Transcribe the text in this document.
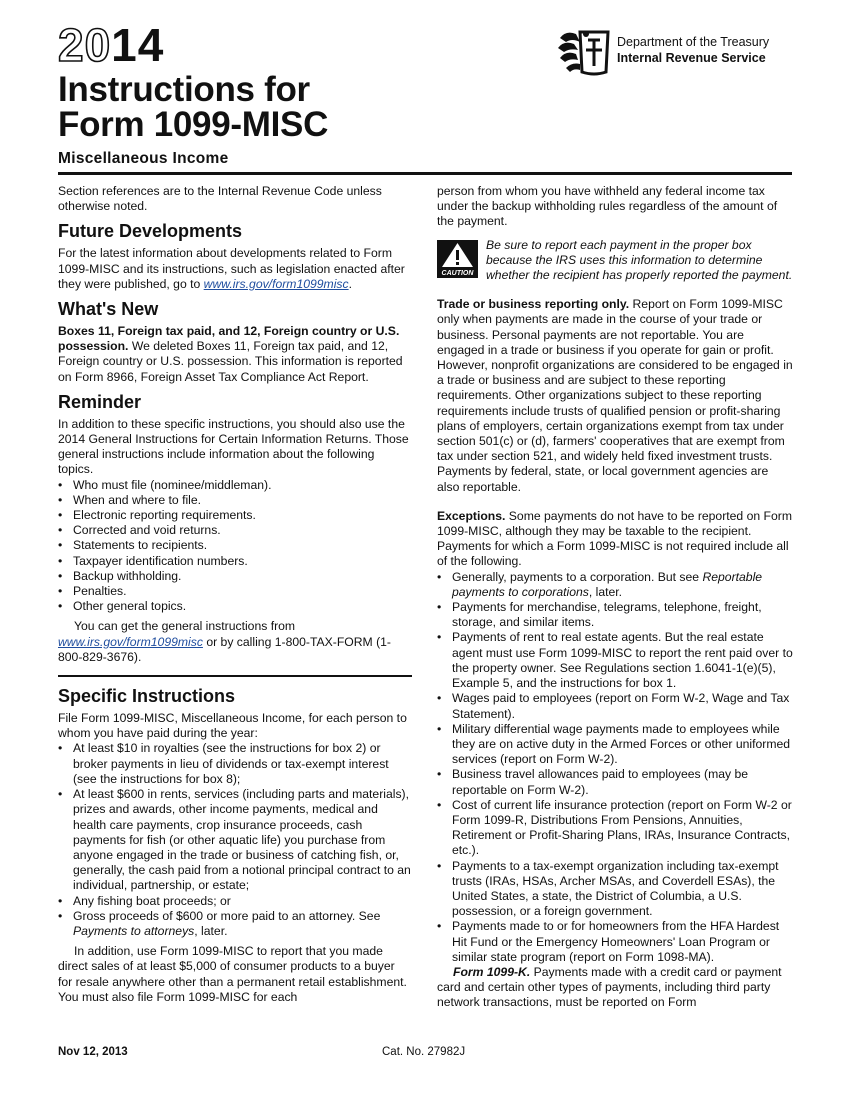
2014
Instructions for
Form 1099-MISC
Miscellaneous Income
Department of the Treasury
Internal Revenue Service

Section references are to the Internal Revenue Code unless otherwise noted.

Future Developments

For the latest information about developments related to Form 1099-MISC and its instructions, such as legislation enacted after they were published, go to www.irs.gov/form1099misc.

What's New

Boxes 11, Foreign tax paid, and 12, Foreign country or U.S. possession. We deleted Boxes 11, Foreign tax paid, and 12, Foreign country or U.S. possession. This information is reported on Form 8966, Foreign Asset Tax Compliance Act Report.

Reminder

In addition to these specific instructions, you should also use the 2014 General Instructions for Certain Information Returns. Those general instructions include information about the following topics.

• Who must file (nominee/middleman).

• When and where to file.

• Electronic reporting requirements.

• Corrected and void returns.

• Statements to recipients.

• Taxpayer identification numbers.

• Backup withholding.

• Penalties.

• Other general topics.

You can get the general instructions from www.irs.gov/form1099misc or by calling 1-800-TAX-FORM (1-800-829-3676).

Specific Instructions

File Form 1099-MISC, Miscellaneous Income, for each person to whom you have paid during the year:

• At least $10 in royalties (see the instructions for box 2) or broker payments in lieu of dividends or tax-exempt interest (see the instructions for box 8);

• At least $600 in rents, services (including parts and materials), prizes and awards, other income payments, medical and health care payments, crop insurance proceeds, cash payments for fish (or other aquatic life) you purchase from anyone engaged in the trade or business of catching fish, or, generally, the cash paid from a notional principal contract to an individual, partnership, or estate;

• Any fishing boat proceeds; or

• Gross proceeds of $600 or more paid to an attorney. See Payments to attorneys, later.

In addition, use Form 1099-MISC to report that you made direct sales of at least $5,000 of consumer products to a buyer for resale anywhere other than a permanent retail establishment. You must also file Form 1099-MISC for each

person from whom you have withheld any federal income tax under the backup withholding rules regardless of the amount of the payment.

CAUTION
Be sure to report each payment in the proper box because the IRS uses this information to determine whether the recipient has properly reported the payment.

Trade or business reporting only. Report on Form 1099-MISC only when payments are made in the course of your trade or business. Personal payments are not reportable. You are engaged in a trade or business if you operate for gain or profit. However, nonprofit organizations are considered to be engaged in a trade or business and are subject to these reporting requirements. Other organizations subject to these reporting requirements include trusts of qualified pension or profit-sharing plans of employers, certain organizations exempt from tax under section 501(c) or (d), farmers' cooperatives that are exempt from tax under section 521, and widely held fixed investment trusts. Payments by federal, state, or local government agencies are also reportable.

Exceptions. Some payments do not have to be reported on Form 1099-MISC, although they may be taxable to the recipient. Payments for which a Form 1099-MISC is not required include all of the following.

• Generally, payments to a corporation. But see Reportable payments to corporations, later.

• Payments for merchandise, telegrams, telephone, freight, storage, and similar items.

• Payments of rent to real estate agents. But the real estate agent must use Form 1099-MISC to report the rent paid over to the property owner. See Regulations section 1.6041-1(e)(5), Example 5, and the instructions for box 1.

• Wages paid to employees (report on Form W-2, Wage and Tax Statement).

• Military differential wage payments made to employees while they are on active duty in the Armed Forces or other uniformed services (report on Form W-2).

• Business travel allowances paid to employees (may be reportable on Form W-2).

• Cost of current life insurance protection (report on Form W-2 or Form 1099-R, Distributions From Pensions, Annuities, Retirement or Profit-Sharing Plans, IRAs, Insurance Contracts, etc.).

• Payments to a tax-exempt organization including tax-exempt trusts (IRAs, HSAs, Archer MSAs, and Coverdell ESAs), the United States, a state, the District of Columbia, a U.S. possession, or a foreign government.

• Payments made to or for homeowners from the HFA Hardest Hit Fund or the Emergency Homeowners' Loan Program or similar state program (report on Form 1098-MA).

Form 1099-K. Payments made with a credit card or payment card and certain other types of payments, including third party network transactions, must be reported on Form

Nov 12, 2013	Cat. No. 27982J
